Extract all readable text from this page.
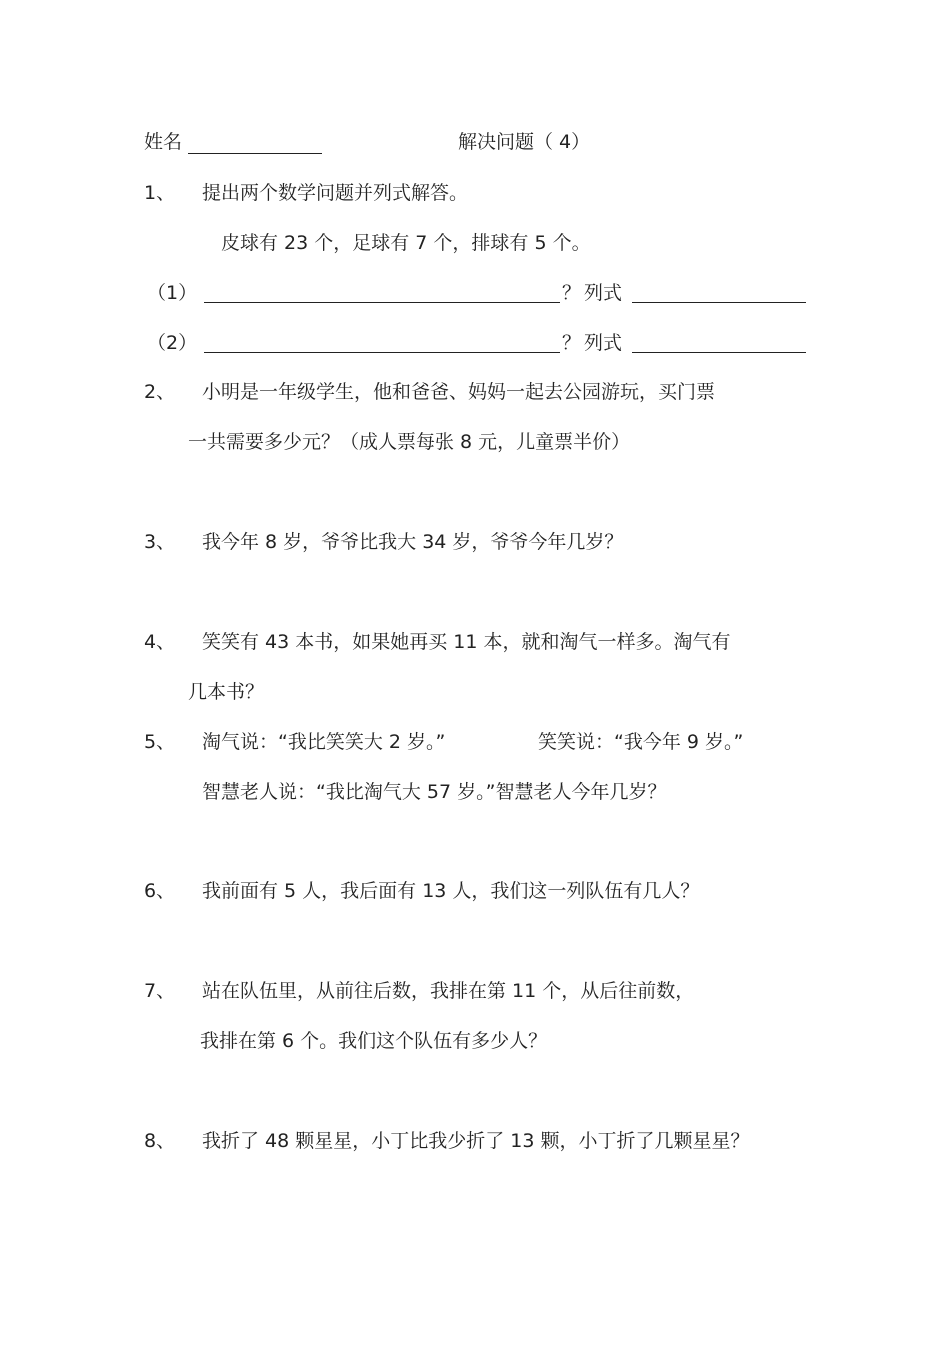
姓名	解决问题（ 4）
1、 提出两个数学问题并列式解答。
皮球有 23 个，足球有 7 个，排球有 5 个。
（1）	？ 列式
（2）	？ 列式
2、 小明是一年级学生，他和爸爸、妈妈一起去公园游玩，买门票
一共需要多少元？（成人票每张 8 元，儿童票半价）
3、 我今年 8 岁，爷爷比我大 34 岁，爷爷今年几岁？
4、 笑笑有 43 本书，如果她再买 11 本，就和淘气一样多。淘气有
几本书？
5、 淘气说：“我比笑笑大 2 岁。”	笑笑说：“我今年 9 岁。”
智慧老人说：“我比淘气大 57 岁。”智慧老人今年几岁？
6、 我前面有 5 人，我后面有 13 人，我们这一列队伍有几人？
7、 站在队伍里，从前往后数，我排在第 11 个，从后往前数，
我排在第 6 个。我们这个队伍有多少人？
8、 我折了 48 颗星星，小丁比我少折了 13 颗，小丁折了几颗星星？
